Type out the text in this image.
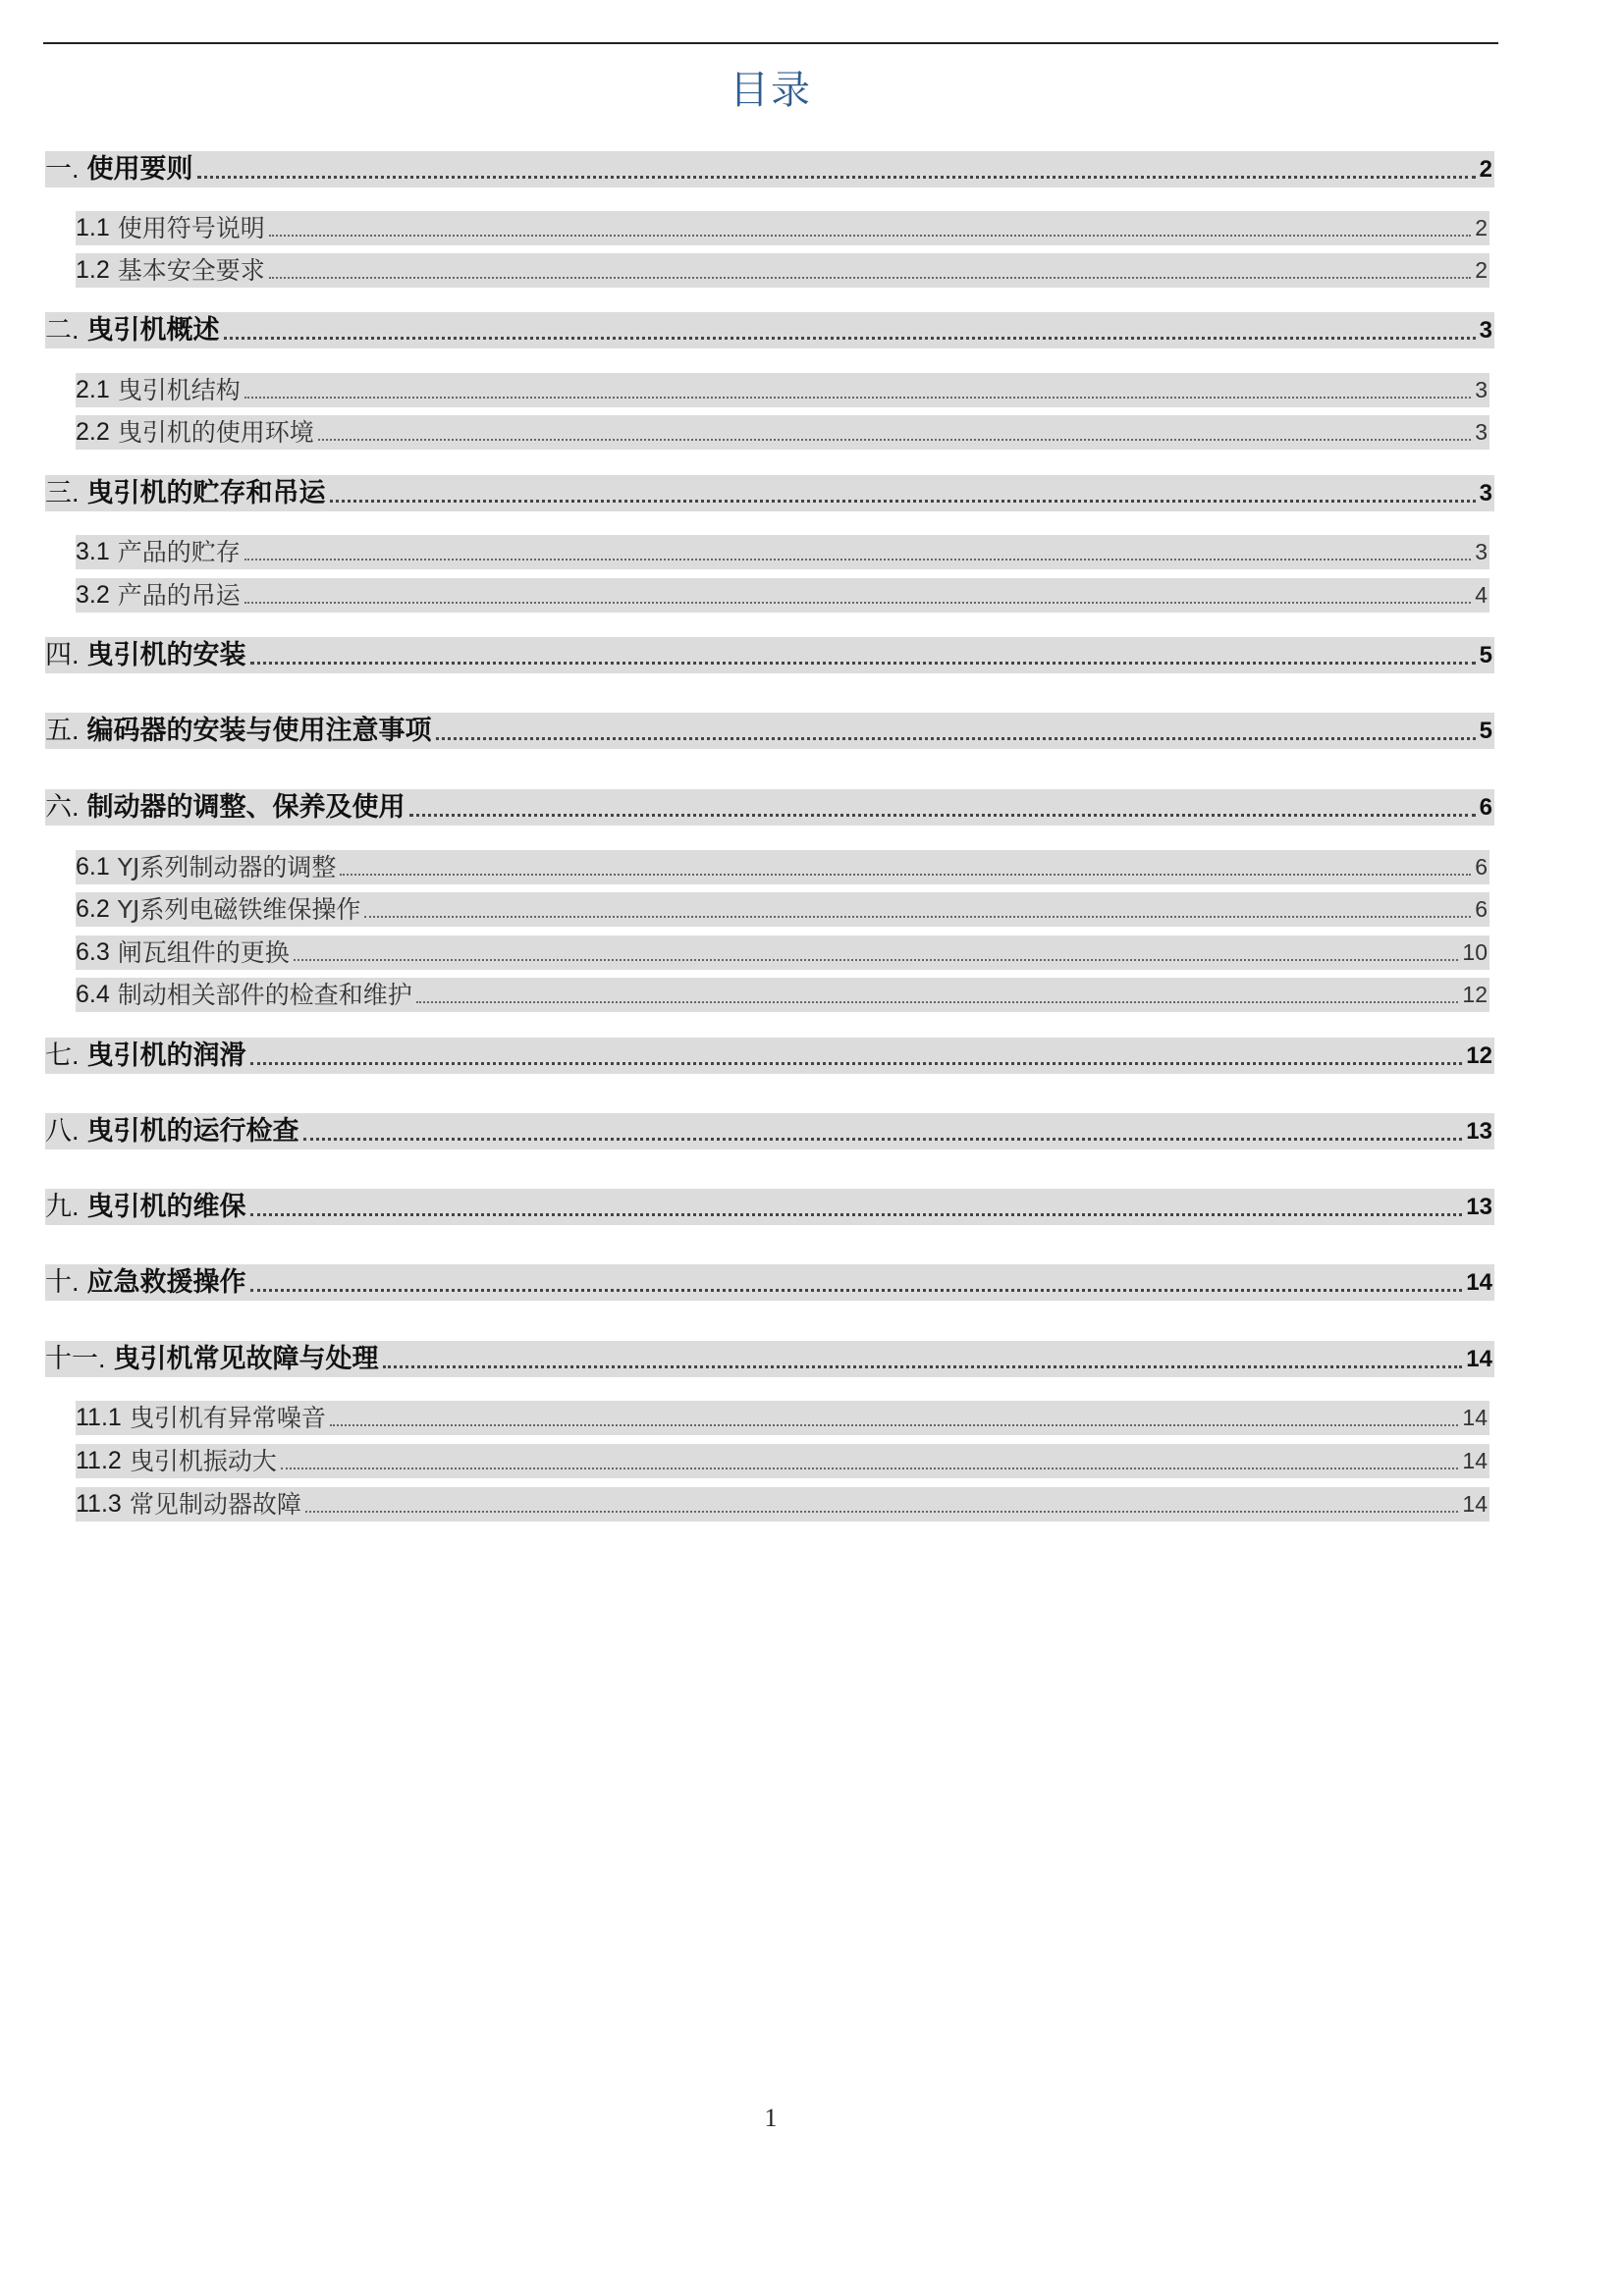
目录
一. 使用要则	2
1.1 使用符号说明	2
1.2 基本安全要求	2
二. 曳引机概述	3
2.1 曳引机结构	3
2.2 曳引机的使用环境	3
三. 曳引机的贮存和吊运	3
3.1 产品的贮存	3
3.2 产品的吊运	4
四. 曳引机的安装	5
五. 编码器的安装与使用注意事项	5
六. 制动器的调整、保养及使用	6
6.1 YJ系列制动器的调整	6
6.2 YJ系列电磁铁维保操作	6
6.3 闸瓦组件的更换	10
6.4 制动相关部件的检查和维护	12
七. 曳引机的润滑	12
八. 曳引机的运行检查	13
九. 曳引机的维保	13
十. 应急救援操作	14
十一. 曳引机常见故障与处理	14
11.1 曳引机有异常噪音	14
11.2 曳引机振动大	14
11.3 常见制动器故障	14
1
